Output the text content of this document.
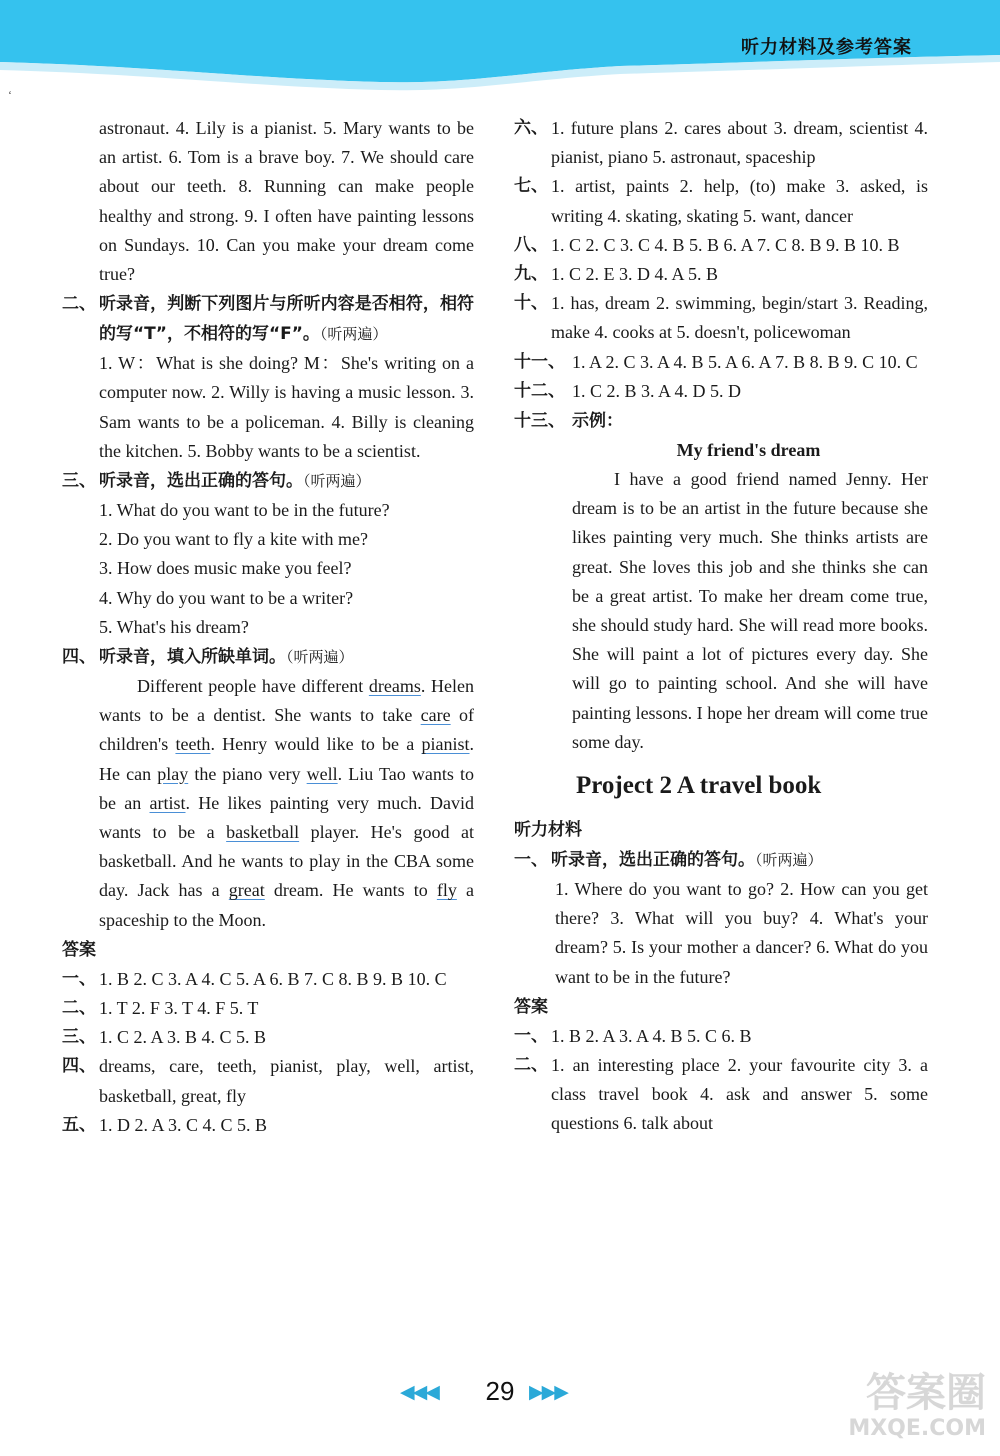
听力材料及参考答案
‘

astronaut. 4. Lily is a pianist. 5. Mary wants to be an artist. 6. Tom is a brave boy. 7. We should care about our teeth. 8. Running can make people healthy and strong. 9. I often have painting lessons on Sundays. 10. Can you make your dream come true?

二、 听录音，判断下列图片与所听内容是否相符，相符的写“T”，不相符的写“F”。（听两遍）

1. W：What is she doing? M：She's writing on a computer now. 2. Willy is having a music lesson. 3. Sam wants to be a policeman. 4. Billy is cleaning the kitchen. 5. Bobby wants to be a scientist.

三、 听录音，选出正确的答句。（听两遍）

1. What do you want to be in the future?

2. Do you want to fly a kite with me?

3. How does music make you feel?

4. Why do you want to be a writer?

5. What's his dream?

四、 听录音，填入所缺单词。（听两遍）

Different people have different dreams. Helen wants to be a dentist. She wants to take care of children's teeth. Henry would like to be a pianist. He can play the piano very well. Liu Tao wants to be an artist. He likes painting very much. David wants to be a basketball player. He's good at basketball. And he wants to play in the CBA some day. Jack has a great dream. He wants to fly a spaceship to the Moon.

答案
一、 1. B 2. C 3. A 4. C 5. A 6. B 7. C 8. B 9. B 10. C
二、 1. T 2. F 3. T 4. F 5. T
三、 1. C 2. A 3. B 4. C 5. B
四、 dreams, care, teeth, pianist, play, well, artist, basketball, great, fly
五、 1. D 2. A 3. C 4. C 5. B
六、 1. future plans 2. cares about 3. dream, scientist 4. pianist, piano 5. astronaut, spaceship
七、 1. artist, paints 2. help, (to) make 3. asked, is writing 4. skating, skating 5. want, dancer
八、 1. C 2. C 3. C 4. B 5. B 6. A 7. C 8. B 9. B 10. B
九、 1. C 2. E 3. D 4. A 5. B
十、 1. has, dream 2. swimming, begin/start 3. Reading, make 4. cooks at 5. doesn't, policewoman
十一、 1. A 2. C 3. A 4. B 5. A 6. A 7. B 8. B 9. C 10. C
十二、 1. C 2. B 3. A 4. D 5. D
十三、 示例：
My friend's dream

I have a good friend named Jenny. Her dream is to be an artist in the future because she likes painting very much. She thinks artists are great. She loves this job and she thinks she can be a great artist. To make her dream come true, she should study hard. She will read more books. She will paint a lot of pictures every day. She will go to painting school. And she will have painting lessons. I hope her dream will come true some day.

Project 2 A travel book
听力材料
一、 听录音，选出正确的答句。（听两遍）

1. Where do you want to go? 2. How can you get there? 3. What will you buy? 4. What's your dream? 5. Is your mother a dancer? 6. What do you want to be in the future?

答案
一、 1. B 2. A 3. A 4. B 5. C 6. B
二、 1. an interesting place 2. your favourite city 3. a class travel book 4. ask and answer 5. some questions 6. talk about
◀◀◀	29 ▶▶▶	答案圈
MXQE.COM
